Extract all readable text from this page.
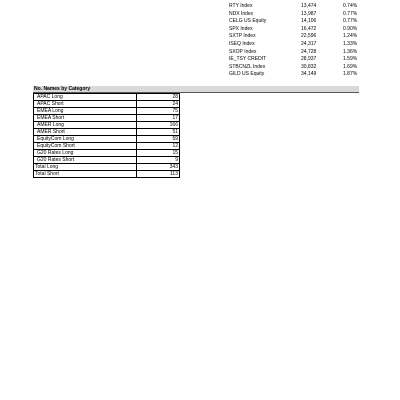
RTY Index	13,474	0.74%
NDX Index	13,987	0.77%
CELG US Equity	14,106	0.77%
SPX Index	16,472	0.90%
SXTP Index	22,596	1.24%
ISEQ Index	24,317	1.33%
SXOP Index	24,728	1.36%
IE_TSY CREDIT	28,937	1.59%
STBCNZL Index	30,832	1.69%
GILD US Equity	34,149	1.87%
No. Names by Category
APAC Long	28
APAC Short	24
EMEA Long	75
EMEA Short	17
AMER Long	166
AMER Short	51
EquityCom Long	59
EquityCom Short	12
G20 Rates Long	15
G20 Rates Short	9
Total Long	343
Total Short	113
